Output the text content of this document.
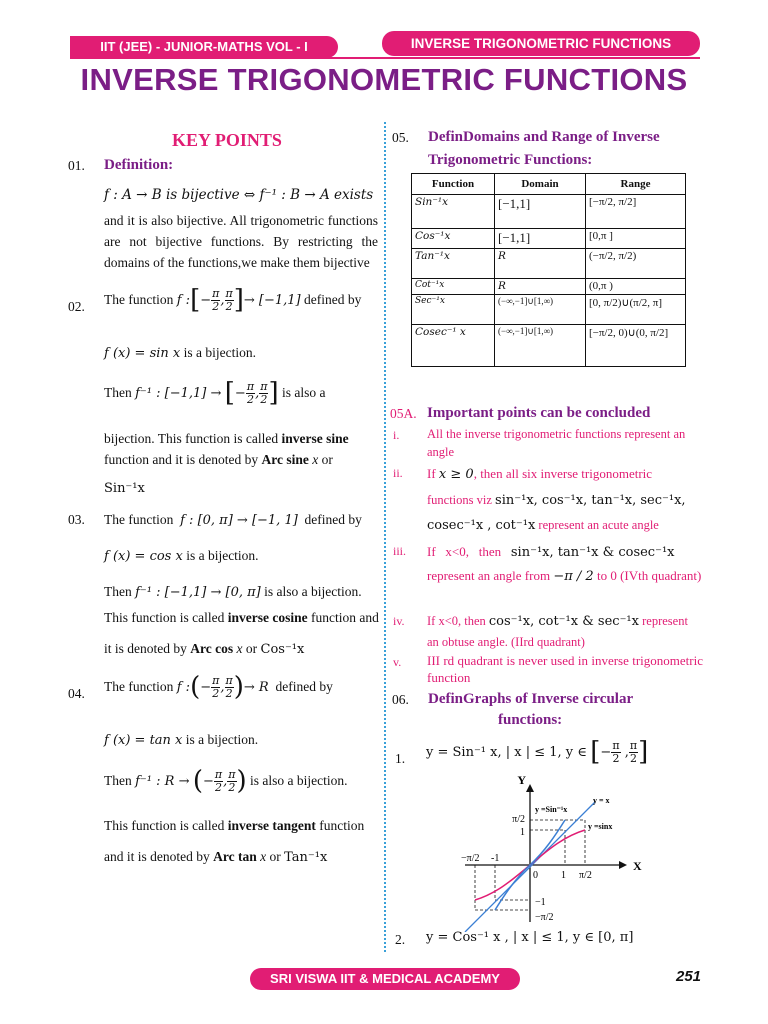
IIT (JEE) - JUNIOR-MATHS VOL - I	INVERSE TRIGONOMETRIC FUNCTIONS
INVERSE TRIGONOMETRIC FUNCTIONS
KEY POINTS
01. Definition:
f : A → B is bijective ⇔ f⁻¹ : B → A exists
and it is also bijective. All trigonometric functions are not bijective functions. By restricting the domains of the functions,we make them bijective
02. The function f :[− $\frac{\pi}{2}$ , $\frac{\pi}{2}$ ]→ [−1,1] defined by
f (x) = sin x is a bijection.
Then f⁻¹ : [−1,1] → [− $\frac{\pi}{2}$ , $\frac{\pi}{2}$ ] is also a
bijection. This function is called inverse sine function and it is denoted by Arc sine x or
Sin⁻¹x
03. The function f : [0, π] → [−1, 1] defined by
f (x) = cos x is a bijection.
Then f⁻¹ : [−1,1] → [0, π] is also a bijection.
This function is called inverse cosine function and
it is denoted by Arc cos x or Cos⁻¹x
04. The function f :(− $\frac{\pi}{2}$ , $\frac{\pi}{2}$ )→ R defined by
f (x) = tan x is a bijection.
Then f⁻¹ : R → (− $\frac{\pi}{2}$ , $\frac{\pi}{2}$ ) is also a bijection.
This function is called inverse tangent function
and it is denoted by Arc tan x or Tan⁻¹x
05. DefinDomains and Range of Inverse
Trigonometric Functions:
Function	Domain	Range
Sin⁻¹x	[−1,1]	[−π/2, π/2]
Cos⁻¹x	[−1,1]	[0,π ]
Tan⁻¹x	R	(−π/2, π/2)
Cot⁻¹x	R	(0,π )
Sec⁻¹x	(−∞,−1]∪[1,∞)	[0, π/2)∪(π/2, π]
Cosec⁻¹ x	(−∞,−1]∪[1,∞)	[−π/2, 0)∪(0, π/2]
05A. Important points can be concluded
i. All the inverse trigonometric functions represent an angle
ii. If x ≥ 0, then all six inverse trigonometric
functions viz sin⁻¹x, cos⁻¹x, tan⁻¹x, sec⁻¹x,
cosec⁻¹x , cot⁻¹x represent an acute angle
iii. If   x<0,   then sin⁻¹x, tan⁻¹x & cosec⁻¹x
represent an angle from −π / 2 to 0 (IVth quadrant)
iv. If x<0, then cos⁻¹x, cot⁻¹x & sec⁻¹x represent
an obtuse angle. (IIrd quadrant)
v. III rd quadrant is never used in inverse trigonometric function
06. DefinGraphs of Inverse circular
functions:
1. y = Sin⁻¹ x, | x | ≤ 1, y ∈ [− $\frac{\pi}{2}$ , $\frac{\pi}{2}$ ]
Y
X
π/2
1
−1
−π/2
−π/2 -1
0 1 π/2
y =Sin⁻¹x
y = x
y =sinx
2. y = Cos⁻¹ x , | x | ≤ 1, y ∈ [0, π]
SRI VISWA IIT & MEDICAL ACADEMY	251
